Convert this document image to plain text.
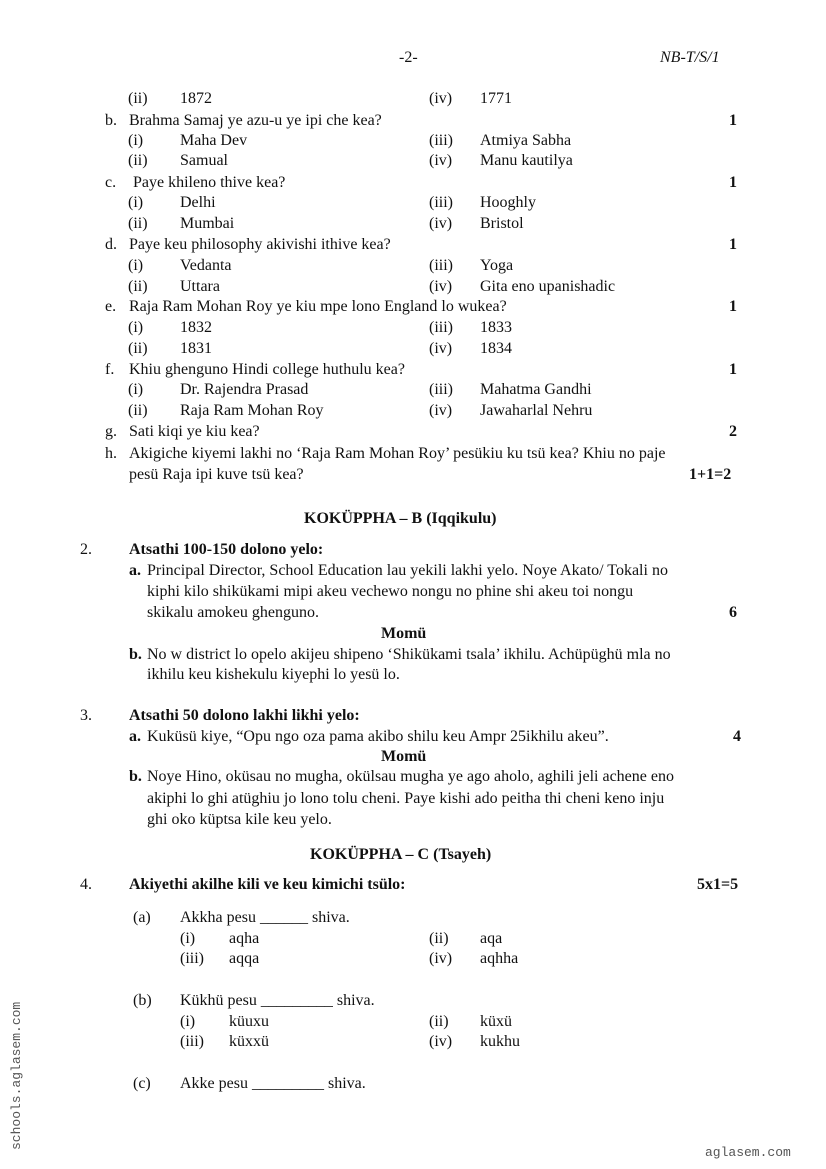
-2-	NB-T/S/1
(ii) 1872	(iv) 1771
b. Brahma Samaj ye azu-u ye ipi che kea?	1
(i) Maha Dev	(iii) Atmiya Sabha
(ii) Samual	(iv) Manu kautilya
c. Paye khileno thive kea?	1
(i) Delhi	(iii) Hooghly
(ii) Mumbai	(iv) Bristol
d. Paye keu philosophy akivishi ithive kea?	1
(i) Vedanta	(iii) Yoga
(ii) Uttara	(iv) Gita eno upanishadic
e. Raja Ram Mohan Roy ye kiu mpe lono England lo wukea?	1
(i) 1832	(iii) 1833
(ii) 1831	(iv) 1834
f. Khiu ghenguno Hindi college huthulu kea?	1
(i) Dr. Rajendra Prasad	(iii) Mahatma Gandhi
(ii) Raja Ram Mohan Roy	(iv) Jawaharlal Nehru
g. Sati kiqi ye kiu kea?	2
h. Akigiche kiyemi lakhi no ‘Raja Ram Mohan Roy’ pesükiu ku tsü kea? Khiu no paje
pesü Raja ipi kuve tsü kea?	1+1=2
KOKÜPPHA – B (Iqqikulu)
2. Atsathi 100-150 dolono yelo:
a. Principal Director, School Education lau yekili lakhi yelo. Noye Akato/ Tokali no
kiphi kilo shikükami mipi akeu vechewo nongu no phine shi akeu toi nongu
skikalu amokeu ghenguno.	6
Momü
b. No w district lo opelo akijeu shipeno ‘Shikükami tsala’ ikhilu. Achüpüghü mla no
ikhilu keu kishekulu kiyephi lo yesü lo.
3. Atsathi 50 dolono lakhi likhi yelo:
a. Kuküsü kiye, “Opu ngo oza pama akibo shilu keu Ampr 25ikhilu akeu”.	4
Momü
b. Noye Hino, oküsau no mugha, okülsau mugha ye ago aholo, aghili jeli achene eno
akiphi lo ghi atüghiu jo lono tolu cheni. Paye kishi ado peitha thi cheni keno inju
ghi oko küptsa kile keu yelo.
KOKÜPPHA – C (Tsayeh)
4. Akiyethi akilhe kili ve keu kimichi tsülo:	5x1=5
(a) Akkha pesu ______ shiva.
(i) aqha	(ii) aqa
(iii) aqqa	(iv) aqhha
(b) Kükhü pesu _________ shiva.
(i) küuxu	(ii) küxü
(iii) küxxü	(iv) kukhu
(c) Akke pesu _________ shiva.
schools.aglasem.com
aglasem.com
